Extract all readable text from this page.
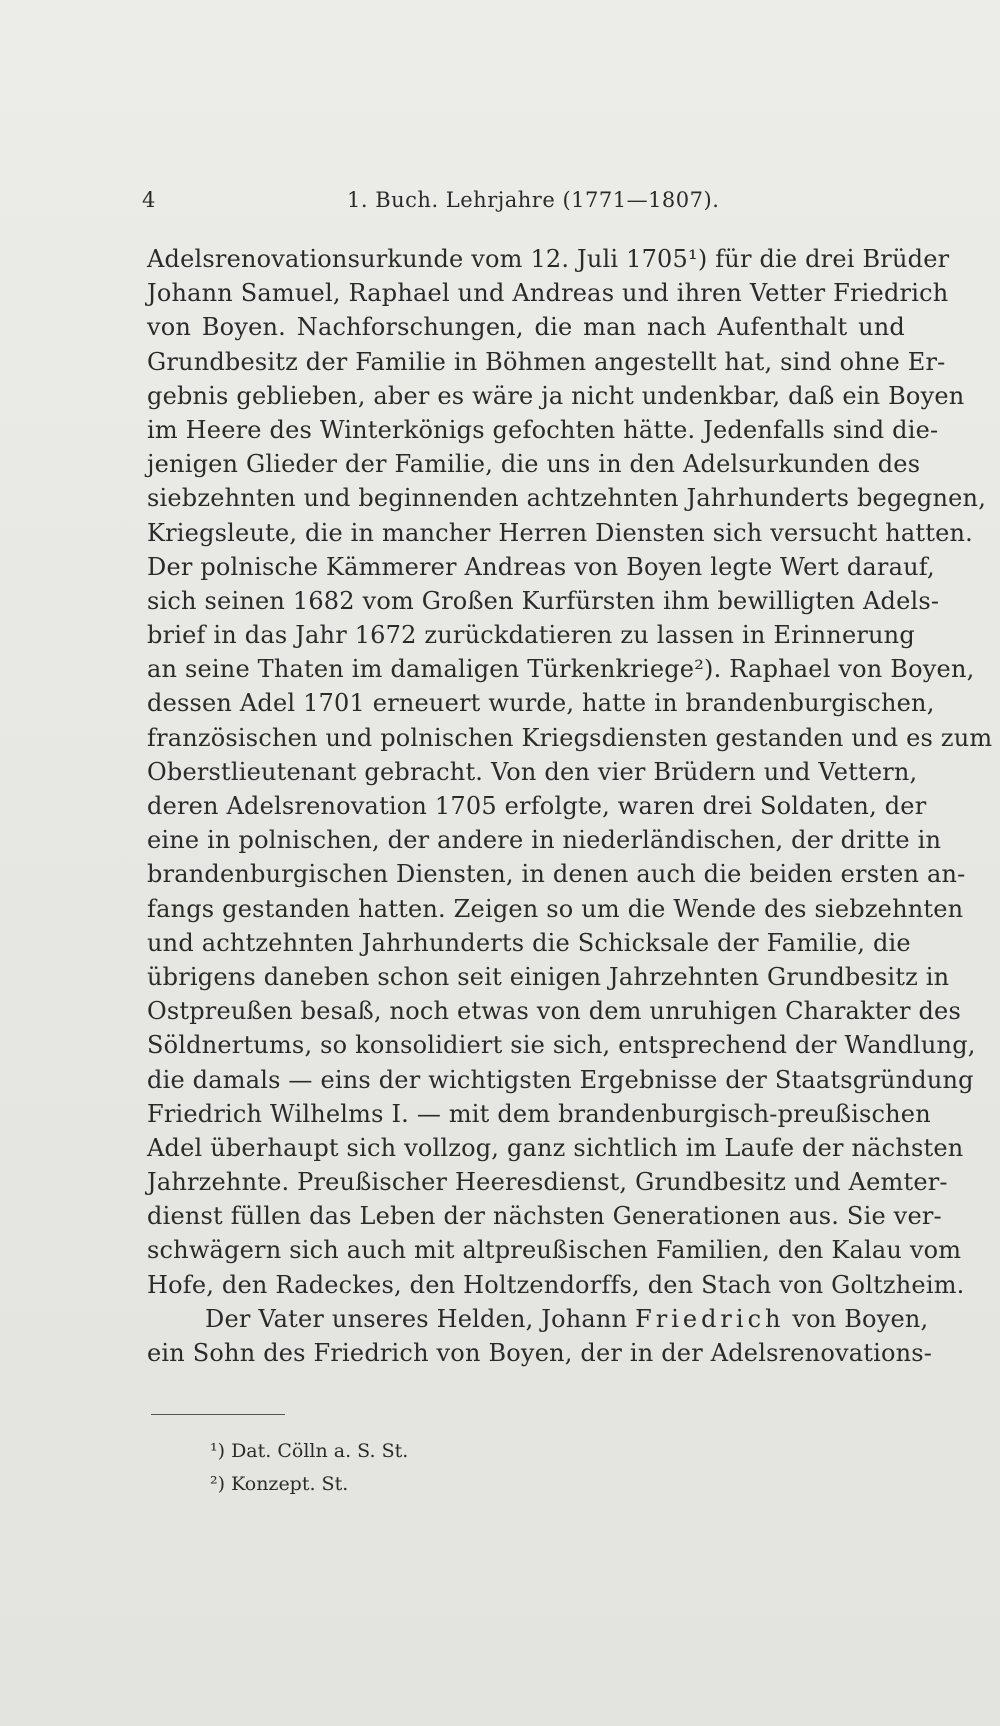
4	1. Buch. Lehrjahre (1771—1807).
Adelsrenovationsurkunde vom 12. Juli 1705¹) für die drei Brüder
Johann Samuel, Raphael und Andreas und ihren Vetter Friedrich
von Boyen. Nachforschungen, die man nach Aufenthalt und
Grundbesitz der Familie in Böhmen angestellt hat, sind ohne Er-
gebnis geblieben, aber es wäre ja nicht undenkbar, daß ein Boyen
im Heere des Winterkönigs gefochten hätte. Jedenfalls sind die-
jenigen Glieder der Familie, die uns in den Adelsurkunden des
siebzehnten und beginnenden achtzehnten Jahrhunderts begegnen,
Kriegsleute, die in mancher Herren Diensten sich versucht hatten.
Der polnische Kämmerer Andreas von Boyen legte Wert darauf,
sich seinen 1682 vom Großen Kurfürsten ihm bewilligten Adels-
brief in das Jahr 1672 zurückdatieren zu lassen in Erinnerung
an seine Thaten im damaligen Türkenkriege²). Raphael von Boyen,
dessen Adel 1701 erneuert wurde, hatte in brandenburgischen,
französischen und polnischen Kriegsdiensten gestanden und es zum
Oberstlieutenant gebracht. Von den vier Brüdern und Vettern,
deren Adelsrenovation 1705 erfolgte, waren drei Soldaten, der
eine in polnischen, der andere in niederländischen, der dritte in
brandenburgischen Diensten, in denen auch die beiden ersten an-
fangs gestanden hatten. Zeigen so um die Wende des siebzehnten
und achtzehnten Jahrhunderts die Schicksale der Familie, die
übrigens daneben schon seit einigen Jahrzehnten Grundbesitz in
Ostpreußen besaß, noch etwas von dem unruhigen Charakter des
Söldnertums, so konsolidiert sie sich, entsprechend der Wandlung,
die damals — eins der wichtigsten Ergebnisse der Staatsgründung
Friedrich Wilhelms I. — mit dem brandenburgisch-preußischen
Adel überhaupt sich vollzog, ganz sichtlich im Laufe der nächsten
Jahrzehnte. Preußischer Heeresdienst, Grundbesitz und Aemter-
dienst füllen das Leben der nächsten Generationen aus. Sie ver-
schwägern sich auch mit altpreußischen Familien, den Kalau vom
Hofe, den Radeckes, den Holtzendorffs, den Stach von Goltzheim.
Der Vater unseres Helden, Johann Friedrich von Boyen,
ein Sohn des Friedrich von Boyen, der in der Adelsrenovations-
¹) Dat. Cölln a. S. St.
²) Konzept. St.
